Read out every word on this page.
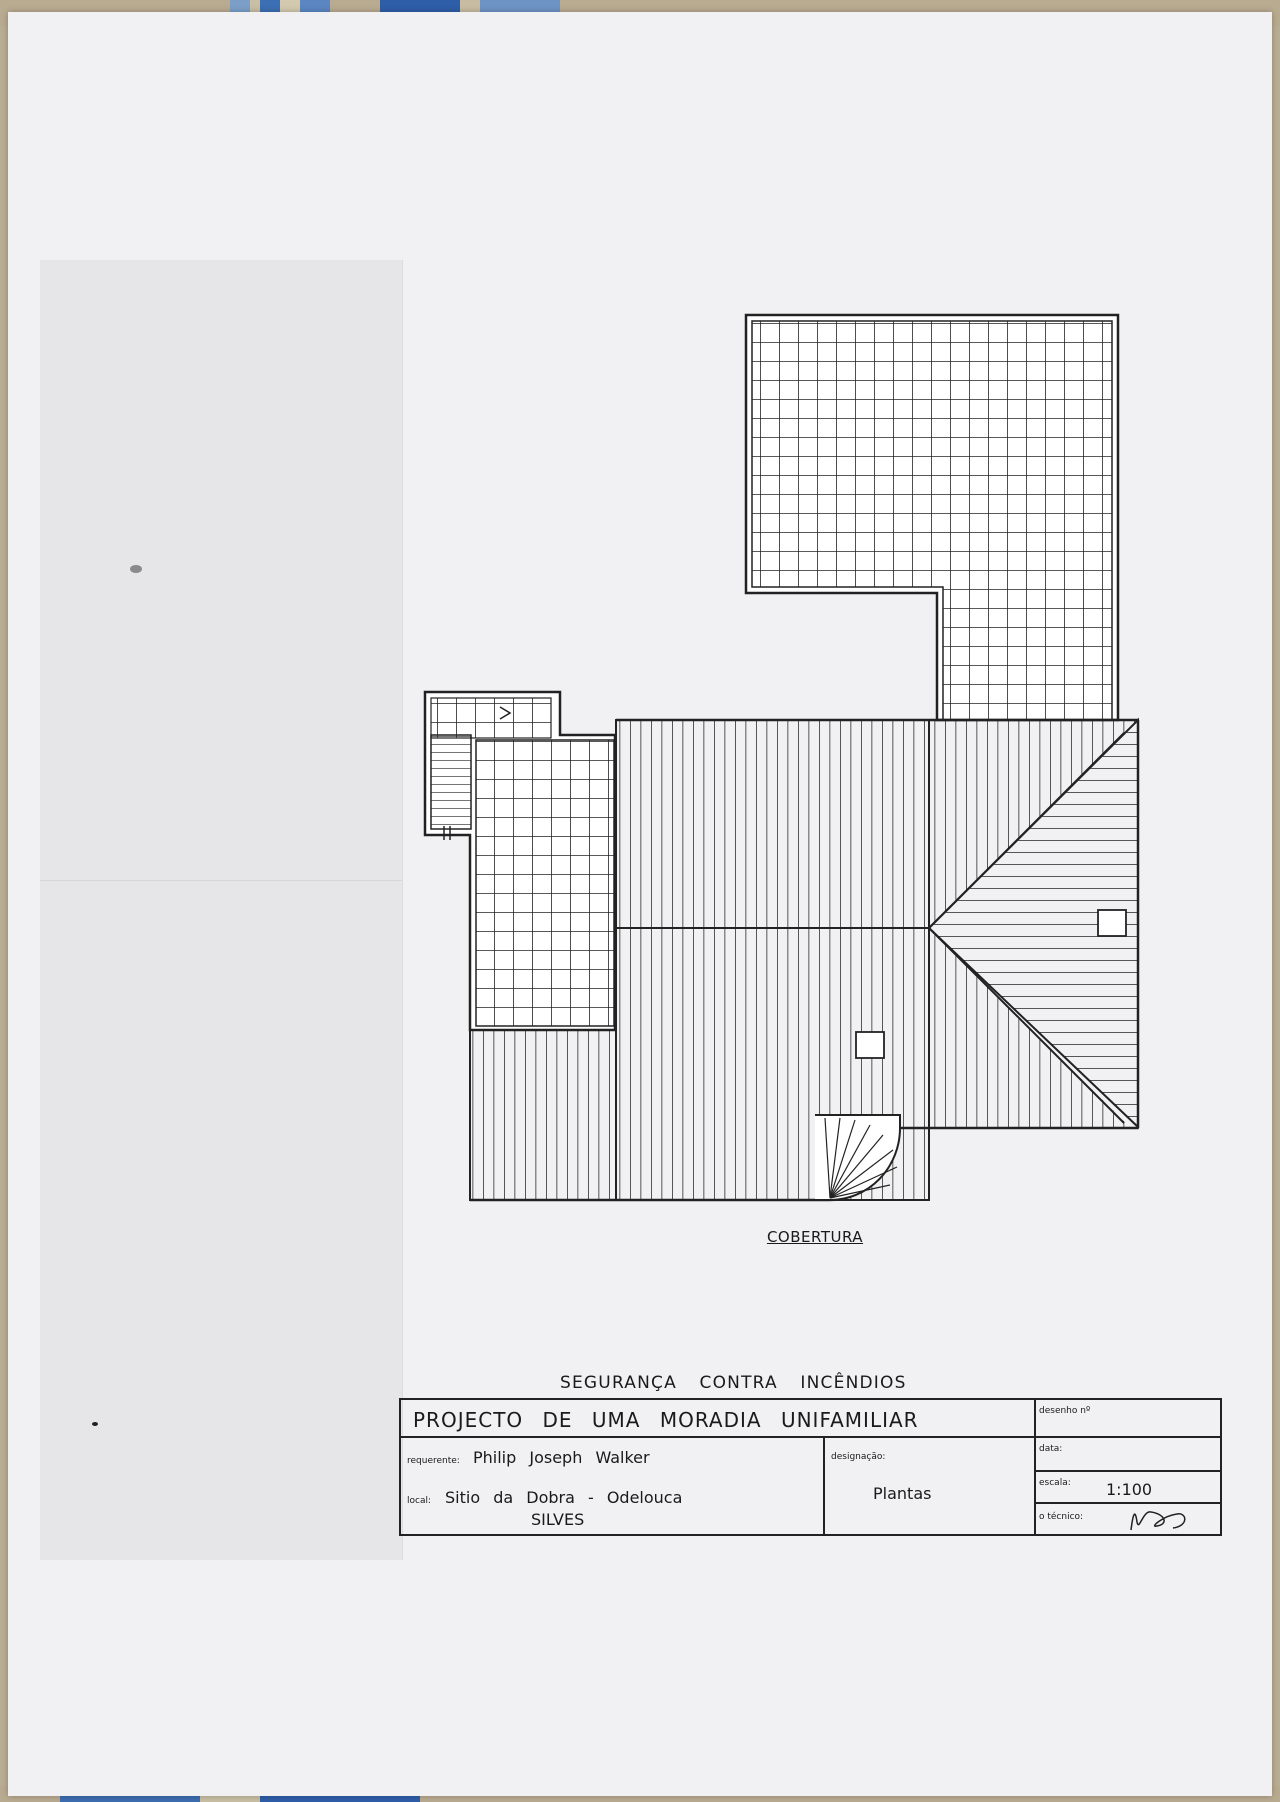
COBERTURA
SEGURANÇA CONTRA INCÊNDIOS
PROJECTO DE UMA MORADIA UNIFAMILIAR
requerente: Philip Joseph Walker
local: Sitio da Dobra - Odelouca
SILVES
designação:
Plantas
desenho nº
data:
escala: 1:100
o técnico:
